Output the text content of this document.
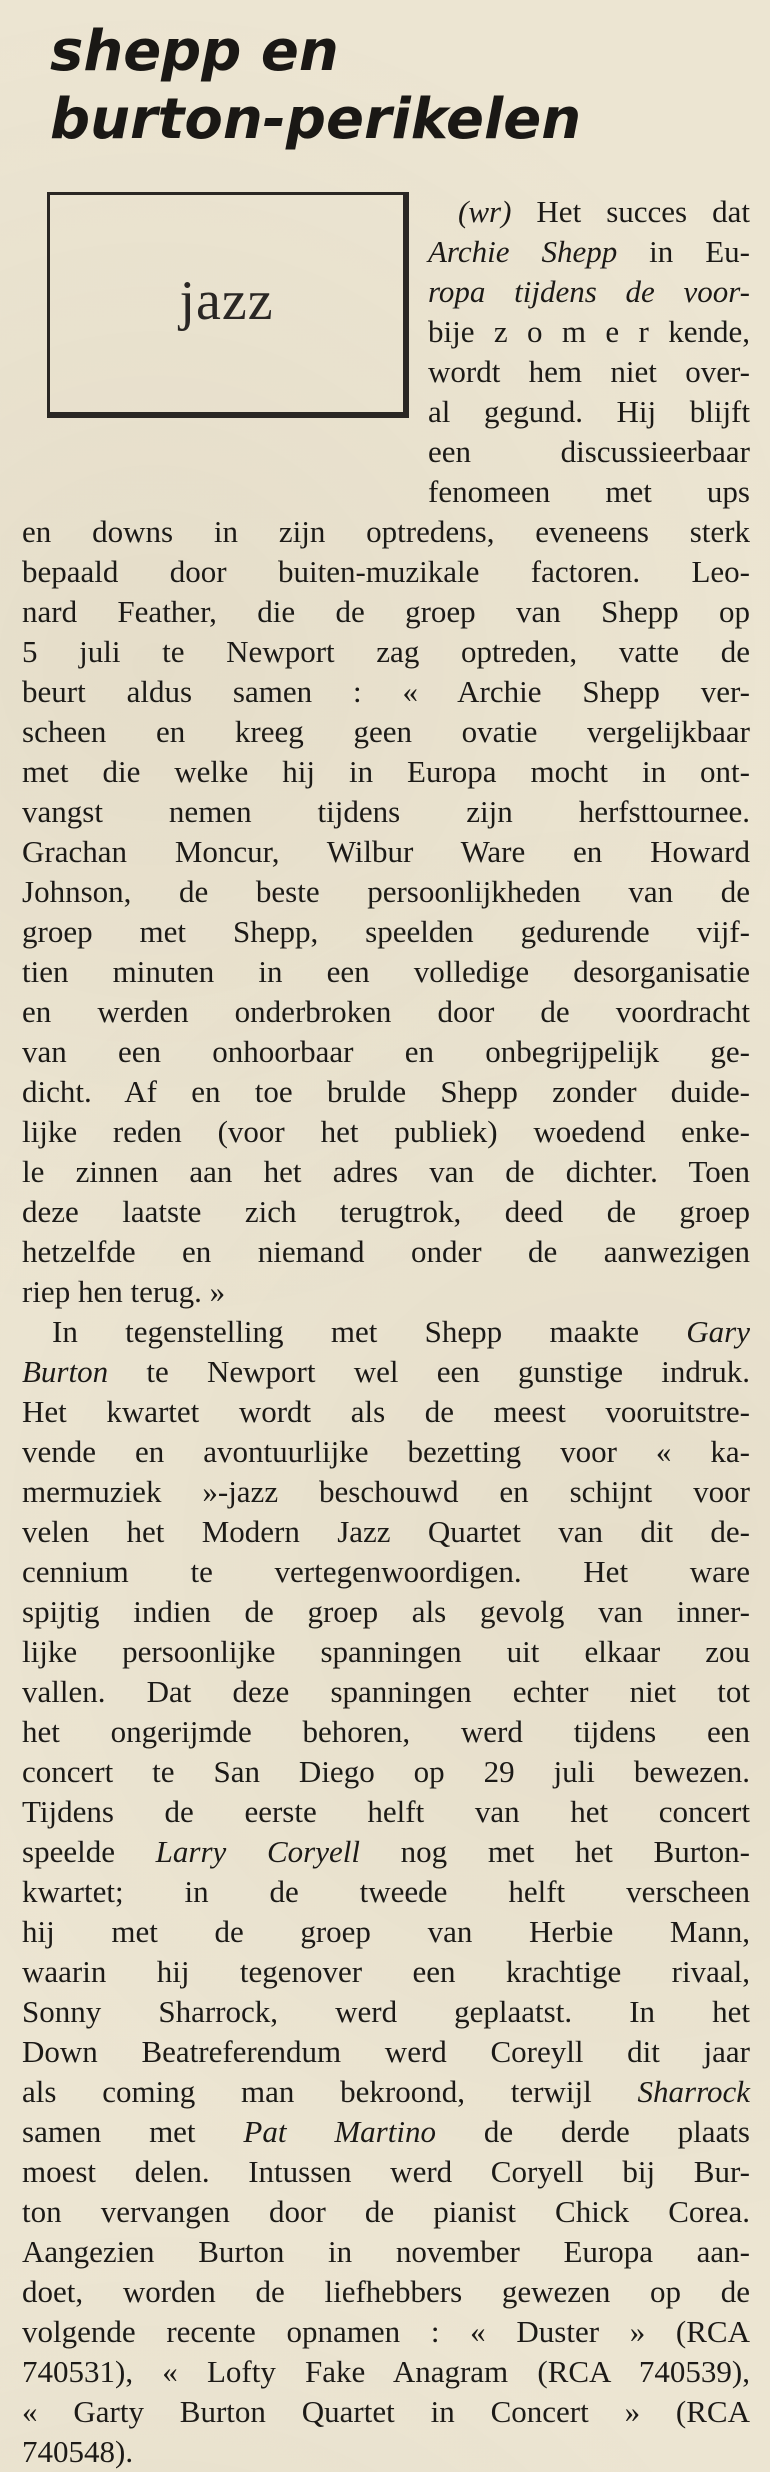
shepp en
burton-perikelen
jazz
(wr) Het succes dat
Archie Shepp in Eu-
ropa tijdens de voor-
bije z o m e r kende,
wordt hem niet over-
al gegund. Hij blijft
een discussieerbaar
fenomeen met ups
en downs in zijn optredens, eveneens sterk
bepaald door buiten-muzikale factoren. Leo-
nard Feather, die de groep van Shepp op
5 juli te Newport zag optreden, vatte de
beurt aldus samen : « Archie Shepp ver-
scheen en kreeg geen ovatie vergelijkbaar
met die welke hij in Europa mocht in ont-
vangst nemen tijdens zijn herfsttournee.
Grachan Moncur, Wilbur Ware en Howard
Johnson, de beste persoonlijkheden van de
groep met Shepp, speelden gedurende vijf-
tien minuten in een volledige desorganisatie
en werden onderbroken door de voordracht
van een onhoorbaar en onbegrijpelijk ge-
dicht. Af en toe brulde Shepp zonder duide-
lijke reden (voor het publiek) woedend enke-
le zinnen aan het adres van de dichter. Toen
deze laatste zich terugtrok, deed de groep
hetzelfde en niemand onder de aanwezigen
riep hen terug. »
In tegenstelling met Shepp maakte Gary
Burton te Newport wel een gunstige indruk.
Het kwartet wordt als de meest vooruitstre-
vende en avontuurlijke bezetting voor « ka-
mermuziek »-jazz beschouwd en schijnt voor
velen het Modern Jazz Quartet van dit de-
cennium te vertegenwoordigen. Het ware
spijtig indien de groep als gevolg van inner-
lijke persoonlijke spanningen uit elkaar zou
vallen. Dat deze spanningen echter niet tot
het ongerijmde behoren, werd tijdens een
concert te San Diego op 29 juli bewezen.
Tijdens de eerste helft van het concert
speelde Larry Coryell nog met het Burton-
kwartet; in de tweede helft verscheen
hij met de groep van Herbie Mann,
waarin hij tegenover een krachtige rivaal,
Sonny Sharrock, werd geplaatst. In het
Down Beatreferendum werd Coreyll dit jaar
als coming man bekroond, terwijl Sharrock
samen met Pat Martino de derde plaats
moest delen. Intussen werd Coryell bij Bur-
ton vervangen door de pianist Chick Corea.
Aangezien Burton in november Europa aan-
doet, worden de liefhebbers gewezen op de
volgende recente opnamen : « Duster » (RCA
740531), « Lofty Fake Anagram (RCA 740539),
« Garty Burton Quartet in Concert » (RCA
740548).
